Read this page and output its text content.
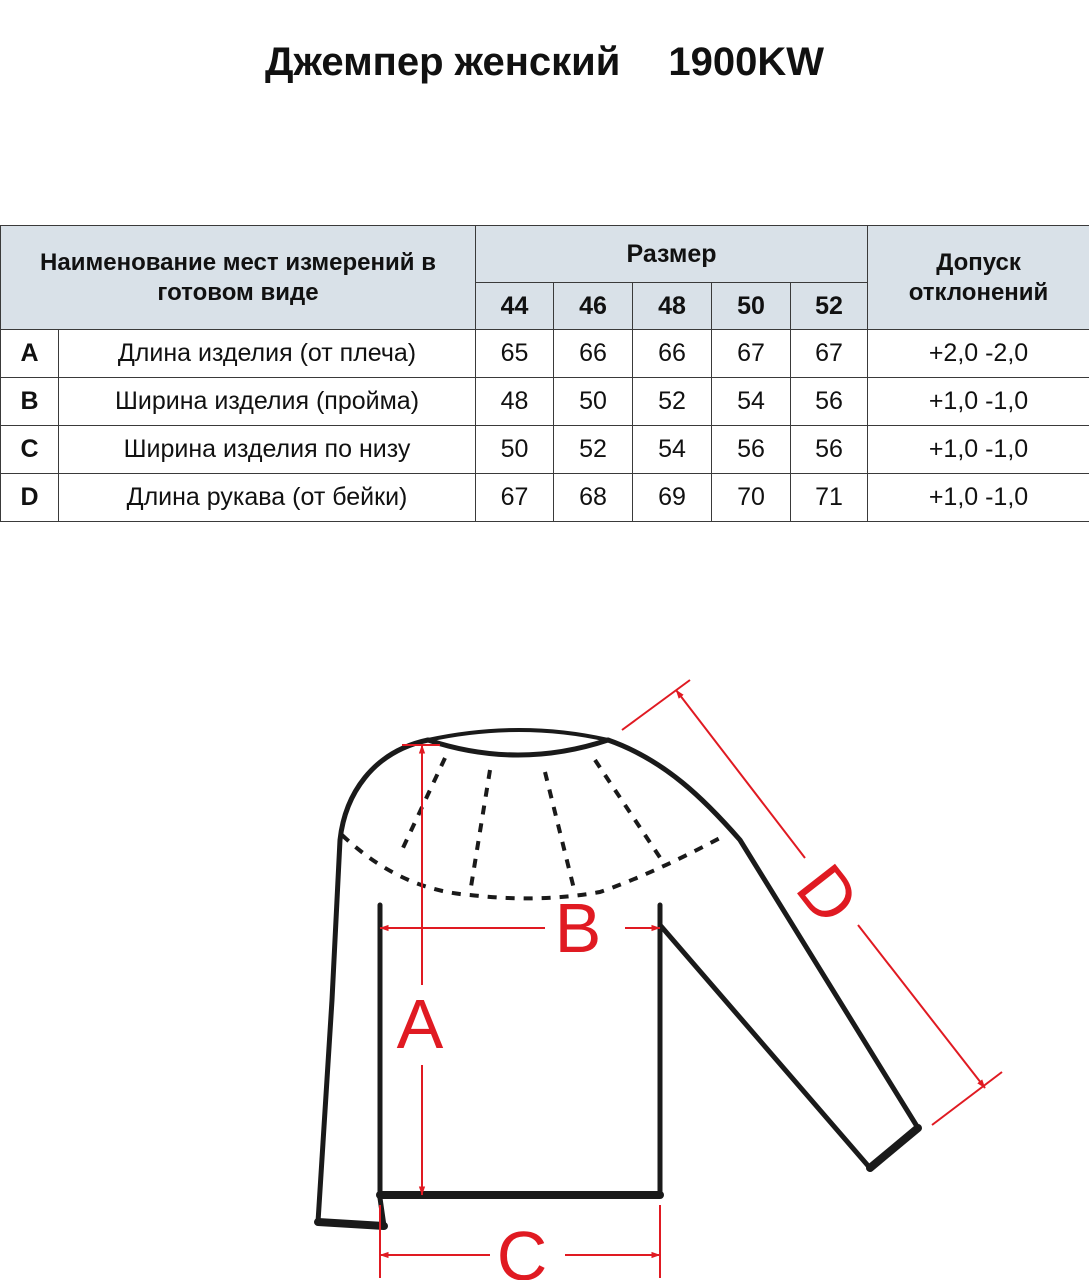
Джемпер женский 1900KW
Наименование мест измерений в готовом виде		Размер					Допуск отклонений
		44	46	48	50	52	
A	Длина изделия (от плеча)	65	66	66	67	67	+2,0 -2,0
B	Ширина изделия (пройма)	48	50	52	54	56	+1,0 -1,0
C	Ширина изделия по низу	50	52	54	56	56	+1,0 -1,0
D	Длина рукава (от бейки)	67	68	69	70	71	+1,0 -1,0
A
B
C
D
